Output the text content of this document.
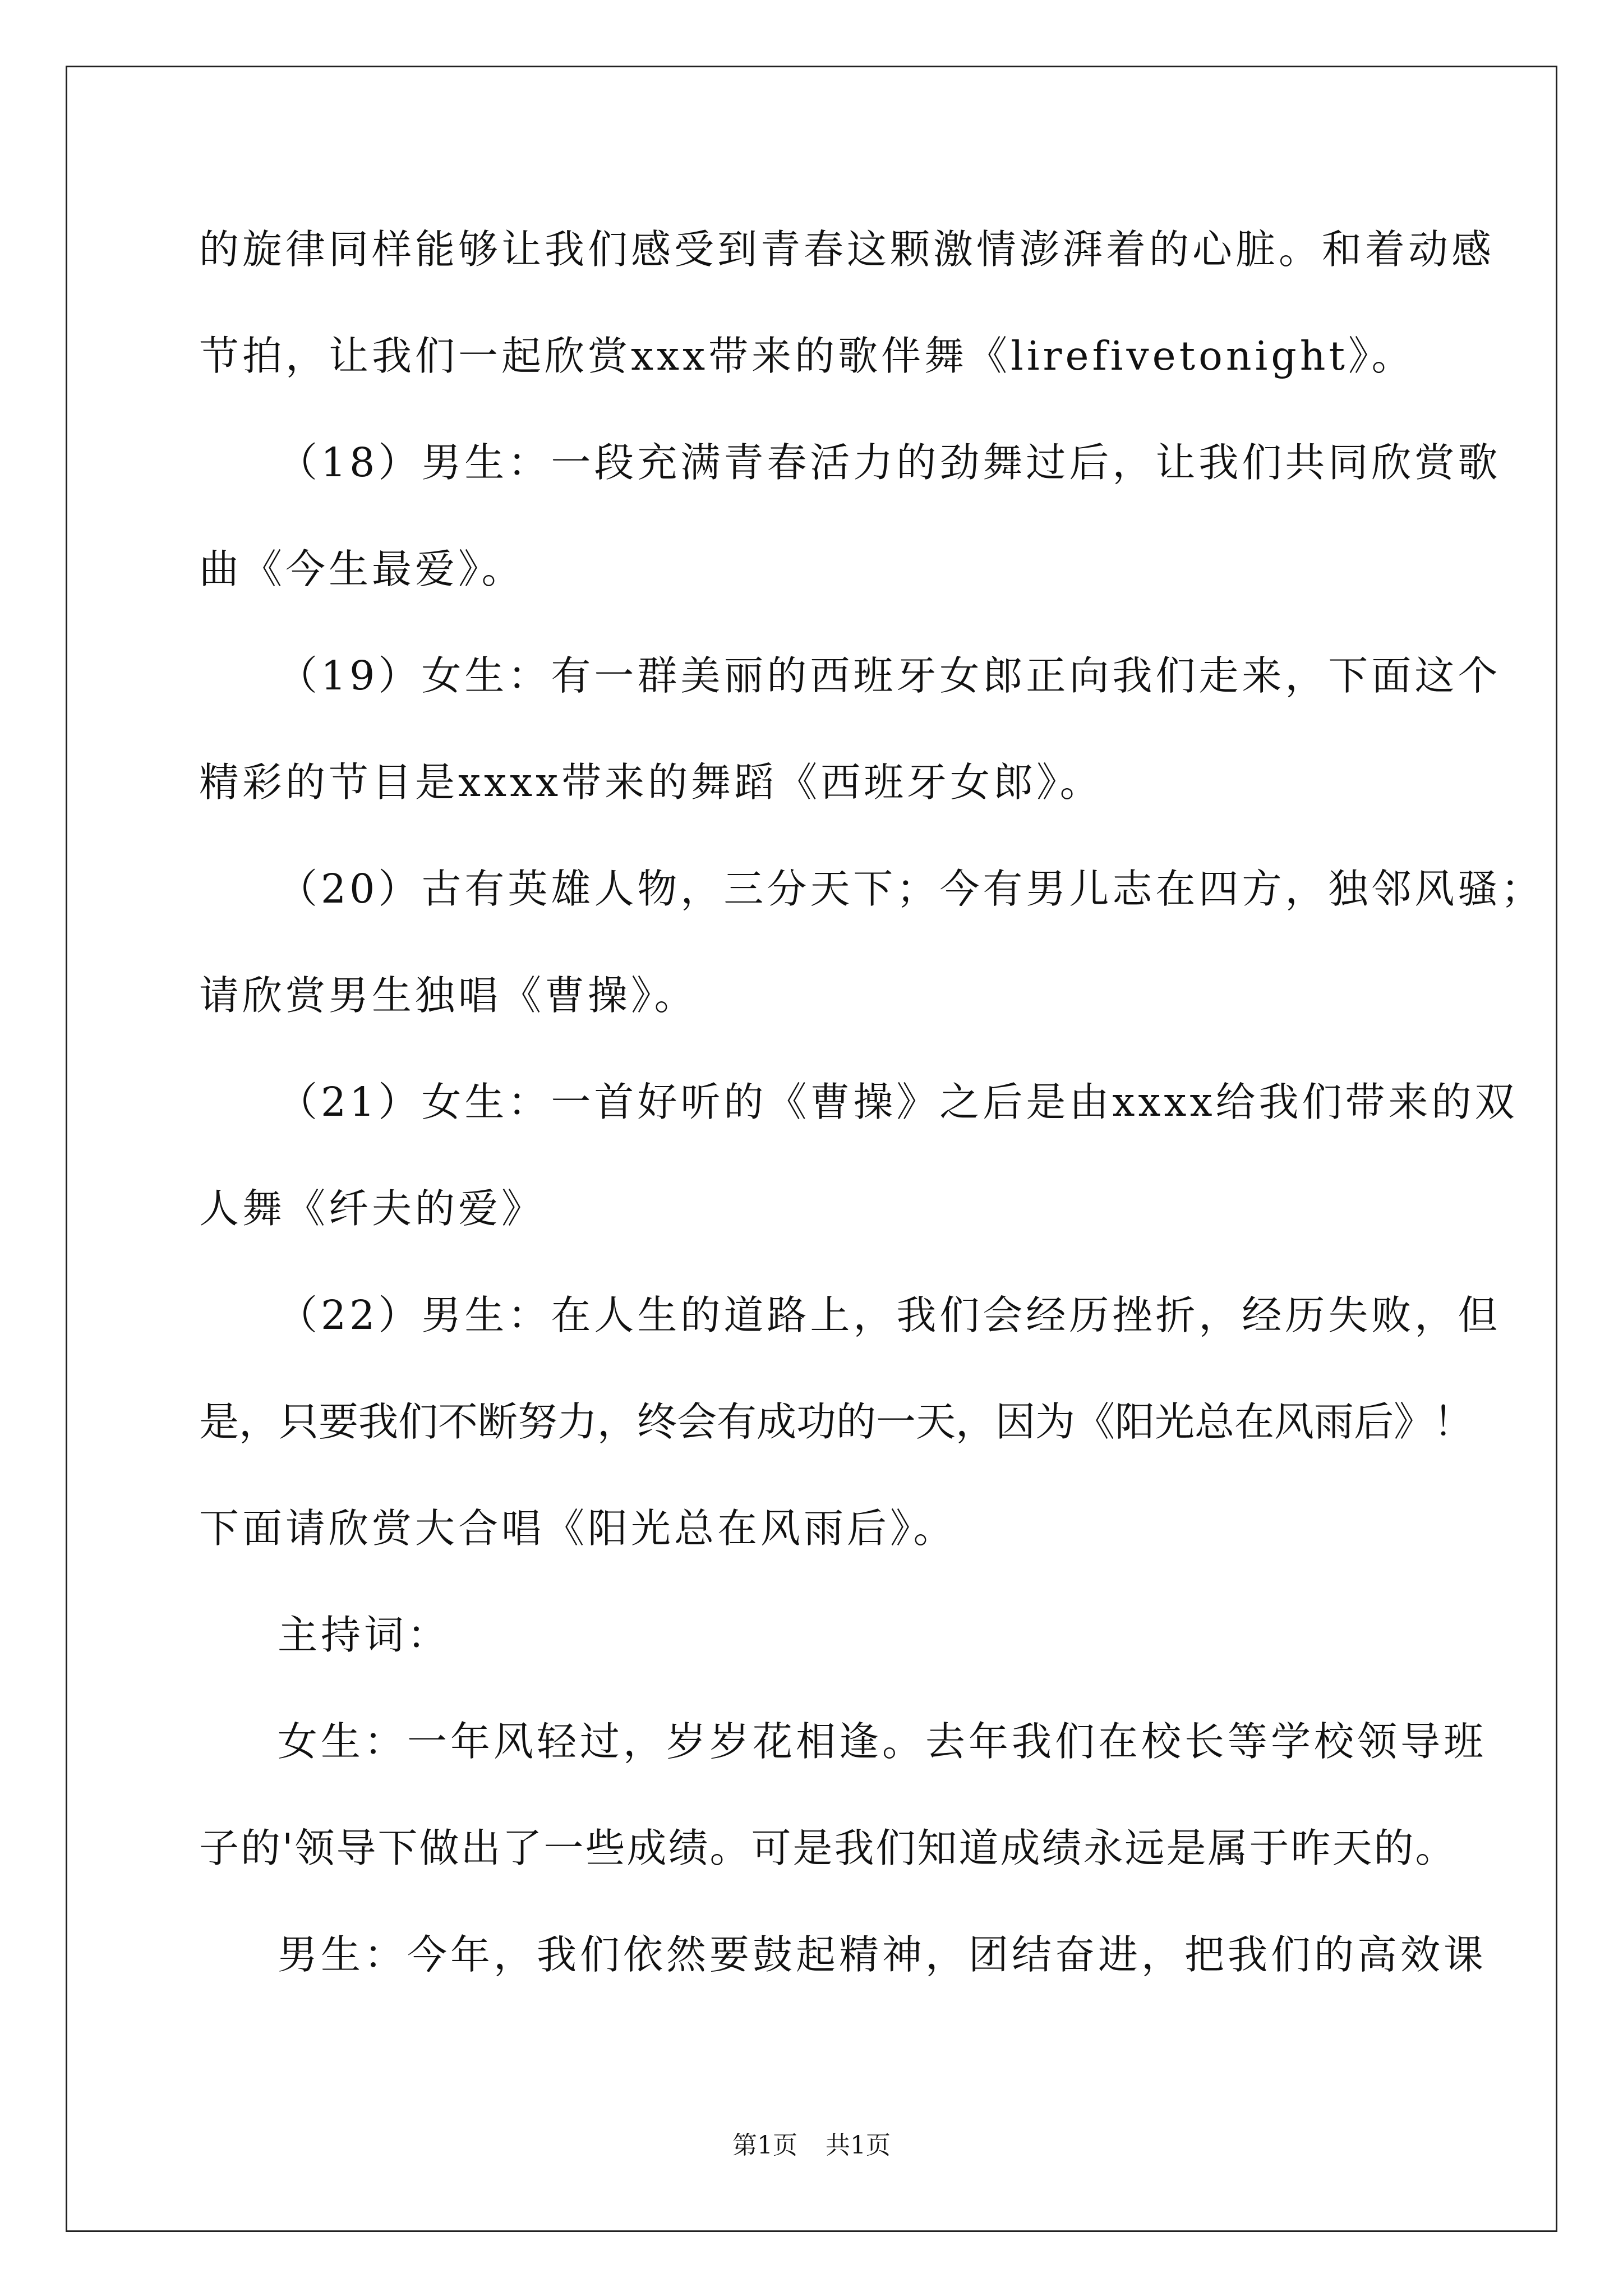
的旋律同样能够让我们感受到青春这颗激情澎湃着的心脏。和着动感
节拍，让我们一起欣赏xxx带来的歌伴舞《lirefivetonight》。
（18）男生：一段充满青春活力的劲舞过后，让我们共同欣赏歌
曲《今生最爱》。
（19）女生：有一群美丽的西班牙女郎正向我们走来，下面这个
精彩的节目是xxxx带来的舞蹈《西班牙女郎》。
（20）古有英雄人物，三分天下；今有男儿志在四方，独邻风骚；
请欣赏男生独唱《曹操》。
（21）女生：一首好听的《曹操》之后是由xxxx给我们带来的双
人舞《纤夫的爱》
（22）男生：在人生的道路上，我们会经历挫折，经历失败，但
是，只要我们不断努力，终会有成功的一天，因为《阳光总在风雨后》！
下面请欣赏大合唱《阳光总在风雨后》。
主持词：
女生：一年风轻过，岁岁花相逢。去年我们在校长等学校领导班
子的'领导下做出了一些成绩。可是我们知道成绩永远是属于昨天的。
男生：今年，我们依然要鼓起精神，团结奋进，把我们的高效课
第1页 共1页
